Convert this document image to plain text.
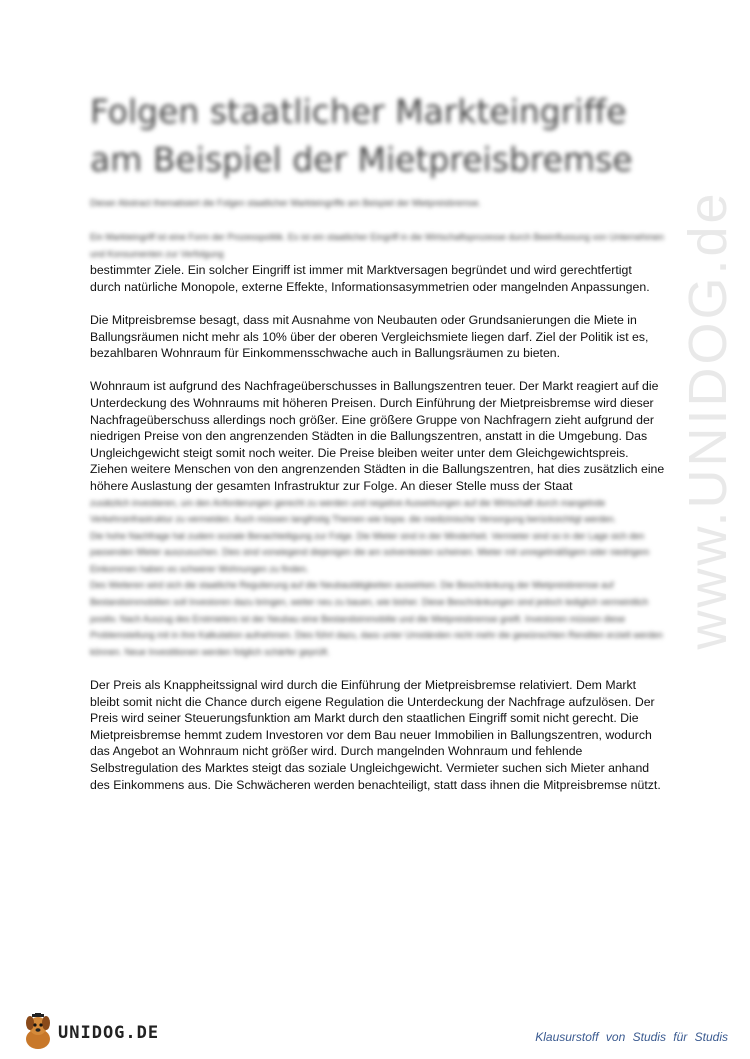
Folgen staatlicher Markteingriffe am Beispiel der Mietpreisbremse
Dieser Abstract thematisiert die Folgen staatlicher Markteingriffe am Beispiel der Mietpreisbremse.

Ein Markteingriff ist eine Form der Prozesspolitik. Es ist ein staatlicher Eingriff in die Wirtschaftsprozesse durch Beeinflussung von Unternehmen und Konsumenten zur Verfolgung

bestimmter Ziele. Ein solcher Eingriff ist immer mit Marktversagen begründet und wird gerechtfertigt durch natürliche Monopole, externe Effekte, Informationsasymmetrien oder mangelnden Anpassungen.

Die Mitpreisbremse besagt, dass mit Ausnahme von Neubauten oder Grundsanierungen die Miete in Ballungsräumen nicht mehr als 10% über der oberen Vergleichsmiete liegen darf. Ziel der Politik ist es, bezahlbaren Wohnraum für Einkommensschwache auch in Ballungsräumen zu bieten.

Wohnraum ist aufgrund des Nachfrageüberschusses in Ballungszentren teuer. Der Markt reagiert auf die Unterdeckung des Wohnraums mit höheren Preisen. Durch Einführung der Mietpreisbremse wird dieser Nachfrageüberschuss allerdings noch größer. Eine größere Gruppe von Nachfragern zieht aufgrund der niedrigen Preise von den angrenzenden Städten in die Ballungszentren, anstatt in die Umgebung. Das Ungleichgewicht steigt somit noch weiter. Die Preise bleiben weiter unter dem Gleichgewichtspreis.

Ziehen weitere Menschen von den angrenzenden Städten in die Ballungszentren, hat dies zusätzlich eine höhere Auslastung der gesamten Infrastruktur zur Folge. An dieser Stelle muss der Staat

zusätzlich investieren, um den Anforderungen gerecht zu werden und negative Auswirkungen auf die Wirtschaft durch mangelnde Verkehrsinfrastruktur zu vermeiden. Auch müssen langfristig Themen wie bspw. die medizinische Versorgung berücksichtigt werden.

Die hohe Nachfrage hat zudem soziale Benachteiligung zur Folge. Die Mieter sind in der Minderheit. Vermieter sind so in der Lage sich den passenden Mieter auszusuchen. Dies sind vorwiegend diejenigen die am solventesten scheinen. Mieter mit unregelmäßigem oder niedrigem Einkommen haben es schwerer Wohnungen zu finden.

Des Weiteren wird sich die staatliche Regulierung auf die Neubautätigkeiten auswirken. Die Beschränkung der Mietpreisbremse auf Bestandsimmobilien soll Investoren dazu bringen, weiter neu zu bauen, wie bisher. Diese Beschränkungen sind jedoch lediglich vermeintlich positiv. Nach Auszug des Erstmieters ist der Neubau eine Bestandsimmobilie und die Mietpreisbremse greift. Investoren müssen diese Problemstellung mit in ihre Kalkulation aufnehmen. Dies führt dazu, dass unter Umständen nicht mehr die gewünschten Renditen erzielt werden können. Neue Investitionen werden folglich schärfer geprüft.

Der Preis als Knappheitssignal wird durch die Einführung der Mietpreisbremse relativiert. Dem Markt bleibt somit nicht die Chance durch eigene Regulation die Unterdeckung der Nachfrage aufzulösen. Der Preis wird seiner Steuerungsfunktion am Markt durch den staatlichen Eingriff somit nicht gerecht. Die Mietpreisbremse hemmt zudem Investoren vor dem Bau neuer Immobilien in Ballungszentren, wodurch das Angebot an Wohnraum nicht größer wird. Durch mangelnden Wohnraum und fehlende Selbstregulation des Marktes steigt das soziale Ungleichgewicht. Vermieter suchen sich Mieter anhand des Einkommens aus. Die Schwächeren werden benachteiligt, statt dass ihnen die Mitpreisbremse nützt.

www.UNIDOG.de
UNIDOG.DE	Klausurstoff von Studis für Studis
